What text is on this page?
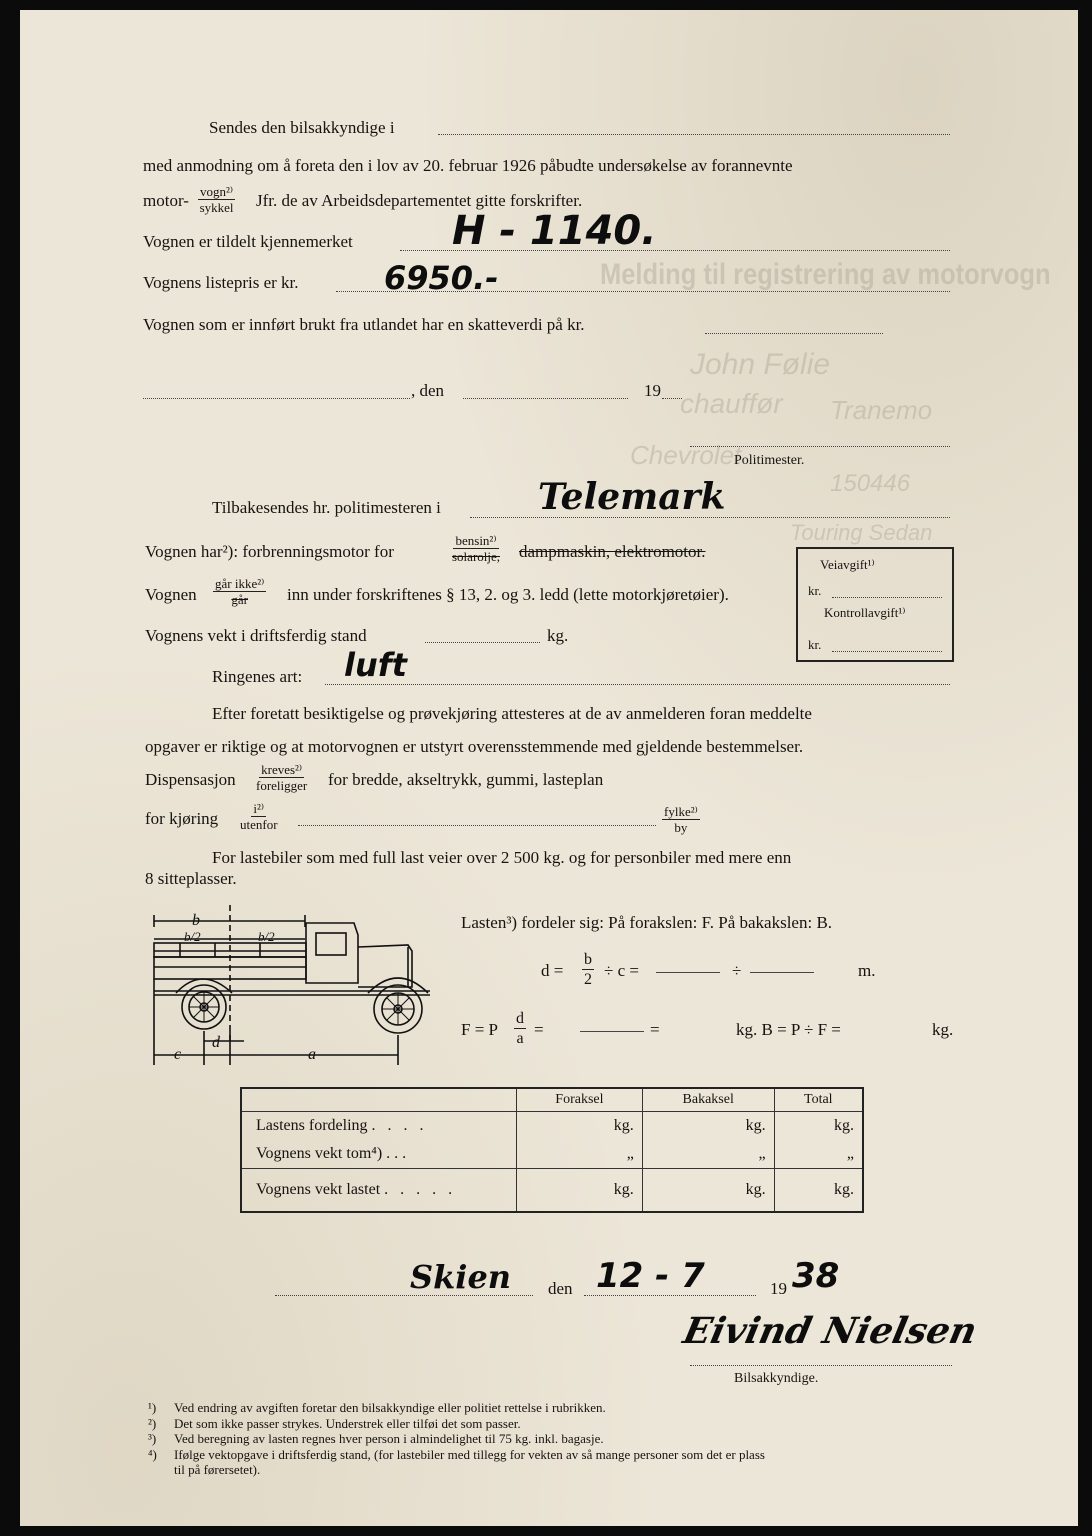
Melding til registrering av motorvogn
John Følie
chauffør Tranemo
Chevrolet
150446
Touring Sedan
Sendes den bilsakkyndige i
med anmodning om å foreta den i lov av 20. februar 1926 påbudte undersøkelse av forannevnte
motor- vogn²⁾
sykkel Jfr. de av Arbeidsdepartementet gitte forskrifter.
Vognen er tildelt kjennemerket H - 1140.
Vognens listepris er kr.	6950.-
Vognen som er innført brukt fra utlandet har en skatteverdi på kr.
, den	19
Politimester.
Tilbakesendes hr. politimesteren i	Telemark
Vognen har²): forbrenningsmotor for
bensin²⁾
solarolje, dampmaskin, elektromotor.
Vognen
går ikke²⁾
går inn under forskriftenes § 13, 2. og 3. ledd (lette motorkjøretøier).
Vognens vekt i driftsferdig stand	kg.
Ringenes art: luft
Veiavgift¹⁾
kr.
Kontrollavgift¹⁾
kr.
Efter foretatt besiktigelse og prøvekjøring attesteres at de av anmelderen foran meddelte
opgaver er riktige og at motorvognen er utstyrt overensstemmende med gjeldende bestemmelser.
Dispensasjon
kreves²⁾
foreligger for bredde, akseltrykk, gummi, lasteplan
for kjøring
i²⁾
utenfor
fylke²⁾
by
For lastebiler som med full last veier over 2 500 kg. og for personbiler med mere enn
8 sitteplasser.
b
b/2	b/2
c
d
a
Lasten³) fordeler sig: På forakslen: F. På bakakslen: B.
$d = \frac{b}{2} \div c$ =	÷	m.
F = P $\frac{d}{a}$ =	=	kg. B = P ÷ F =	kg.
	Foraksel	Bakaksel	Total
Lastens fordeling . . . .	kg.	kg.	kg.

Vognens vekt tom⁴) . . .	„	„	„

Vognens vekt lastet . . . . .	kg.	kg.	kg.
Skien den 12 - 7	19 38
Eivind Nielsen
Bilsakkyndige.
¹) Ved endring av avgiften foretar den bilsakkyndige eller politiet rettelse i rubrikken.
²) Det som ikke passer strykes. Understrek eller tilføi det som passer.
³) Ved beregning av lasten regnes hver person i almindelighet til 75 kg. inkl. bagasje.
⁴) Ifølge vektopgave i driftsferdig stand, (for lastebiler med tillegg for vekten av så mange personer som det er plass
til på førersetet).
